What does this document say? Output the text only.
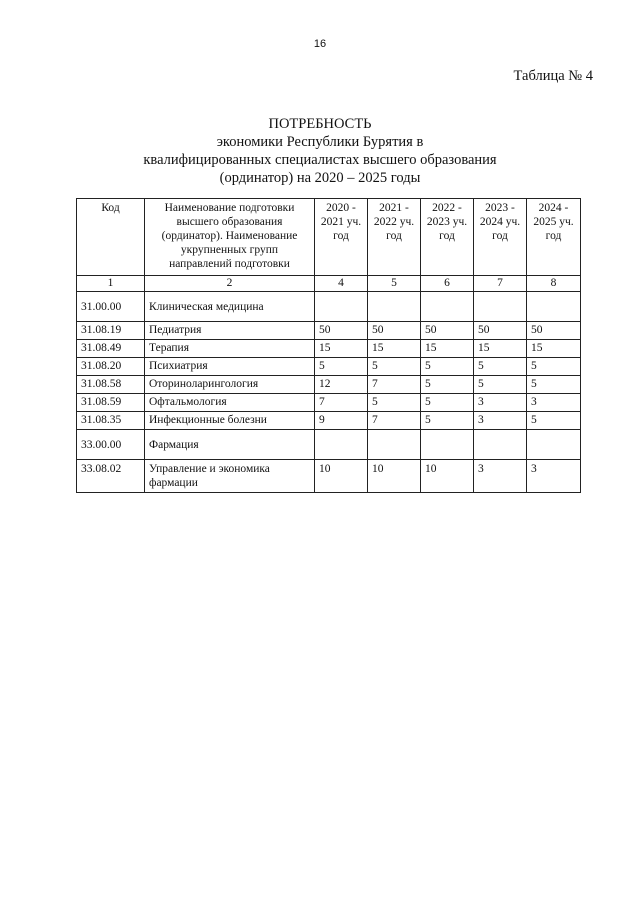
16
Таблица № 4
ПОТРЕБНОСТЬ
экономики Республики Бурятия в
квалифицированных специалистах высшего образования
(ординатор) на 2020 – 2025 годы
Код	Наименование подготовки высшего образования (ординатор). Наименование укрупненных групп направлений подготовки	2020 - 2021 уч. год	2021 - 2022 уч. год	2022 - 2023 уч. год	2023 - 2024 уч. год	2024 - 2025 уч. год
1	2	4	5	6	7	8
31.00.00	Клиническая медицина					
31.08.19	Педиатрия	50	50	50	50	50
31.08.49	Терапия	15	15	15	15	15
31.08.20	Психиатрия	5	5	5	5	5
31.08.58	Оториноларингология	12	7	5	5	5
31.08.59	Офтальмология	7	5	5	3	3
31.08.35	Инфекционные болезни	9	7	5	3	5
33.00.00	Фармация					
33.08.02	Управление и экономика фармации	10	10	10	3	3
